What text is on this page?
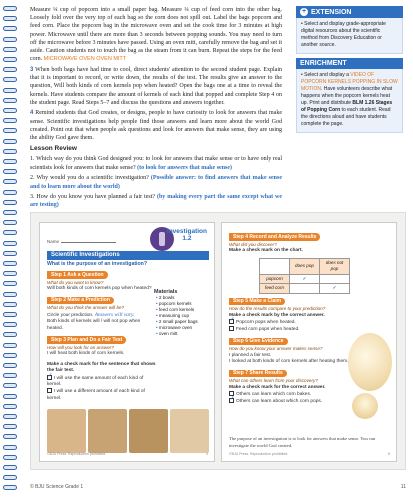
Measure ¼ cup of popcorn into a small paper bag. Measure ¼ cup of feed corn into the other bag. Loosely fold over the very top of each bag so the corn does not spill out. Label the bags popcorn and feed corn. Place the popcorn bag in the microwave oven and set the cook time for 3 minutes at high power. Microwave until there are more than 3 seconds between popping sounds. You may need to turn off the microwave before 3 minutes have passed. Using an oven mitt, carefully remove the bag and set it aside. Caution students not to touch the bag as the steam from it can burn. Repeat the steps for the feed corn. MICROWAVE OVEN OVEN MITT

3 When both bags have had time to cool, direct students' attention to the second student page. Explain that it is important to record, or write down, the results of the test. The results give an answer to the question, Will both kinds of corn kernels pop when heated? Open the bags one at a time to reveal the kernels. Have students compare the amount of kernels of each kind that popped and complete Step 4 on the student page. Read Steps 5–7 and discuss the questions and answers together.

4 Remind students that God creates, or designs, people to have curiosity to look for answers that make sense. Scientific investigations help people find those answers and learn more about the world God created. Point out that when people ask questions and look for answers that make sense, they are using the ability God gave them.

Lesson Review

1. Which way do you think God designed you: to look for answers that make sense or to have only real scientists look for answers that make sense? (to look for answers that make sense)

2. Why would you do a scientific investigation? (Possible answer: to find answers that make sense and to learn more about the world)

3. How do you know you have planned a fair test? (by making every part the same except what we are testing)

+ EXTENSION
• Select and display grade-appropriate digital resources about the scientific method from Discovery Education or another source.
ENRICHMENT
• Select and display a VIDEO OF POPCORN KERNELS POPPING IN SLOW MOTION. Have volunteers describe what happens when the popcorn kernels heat up. Print and distribute BLM 1.26 Stages of Popping Corn to each student. Read the directions aloud and have students complete the page.
Investigation
1.2
Name
Scientific Investigations
What is the purpose of an investigation?
Step 1 Ask a Question
What do you want to know?
Will both kinds of corn kernels pop when heated?
Step 2 Make a Prediction
What do you think the answer will be?
Circle your prediction. Answers will vary.
Both kinds of kernels will / will not pop when heated.
Step 3 Plan and Do a Fair Test
How will you look for an answer?
I will heat both kinds of corn kernels.
Make a check mark for the sentence that shows the fair test.
✓I will use the same amount of each kind of kernel.
I will use a different amount of each kind of kernel.
Materials
• 2 bowls
• popcorn kernels
• feed corn kernels
• measuring cup
• 2 small paper bags
• microwave oven
• oven mitt
©BJU Press. Reproduction prohibited.	4
Step 4 Record and Analyze Results
What did you discover?
Make a check mark on the chart.
	does pop	does not pop
popcorn	✓	
feed corn		✓
Step 5 Make a Claim
How do the results compare to your prediction?
Make a check mark by the correct answer.
✓Popcorn pops when heated.
Feed corn pops when heated.
Step 6 Give Evidence
How do you know your answer makes sense?
I planned a fair test.
I looked at both kinds of corn kernels after heating them.
Step 7 Share Results
What can others learn from your discovery?
Make a check mark for the correct answer.
Others can learn which corn bakes.
✓Others can learn about which corn pops.
The purpose of an investigation is to look for answers that make sense. You can investigate the world God created.
©BJU Press. Reproduction prohibited.	5
© BJU Science Grade 1	11
